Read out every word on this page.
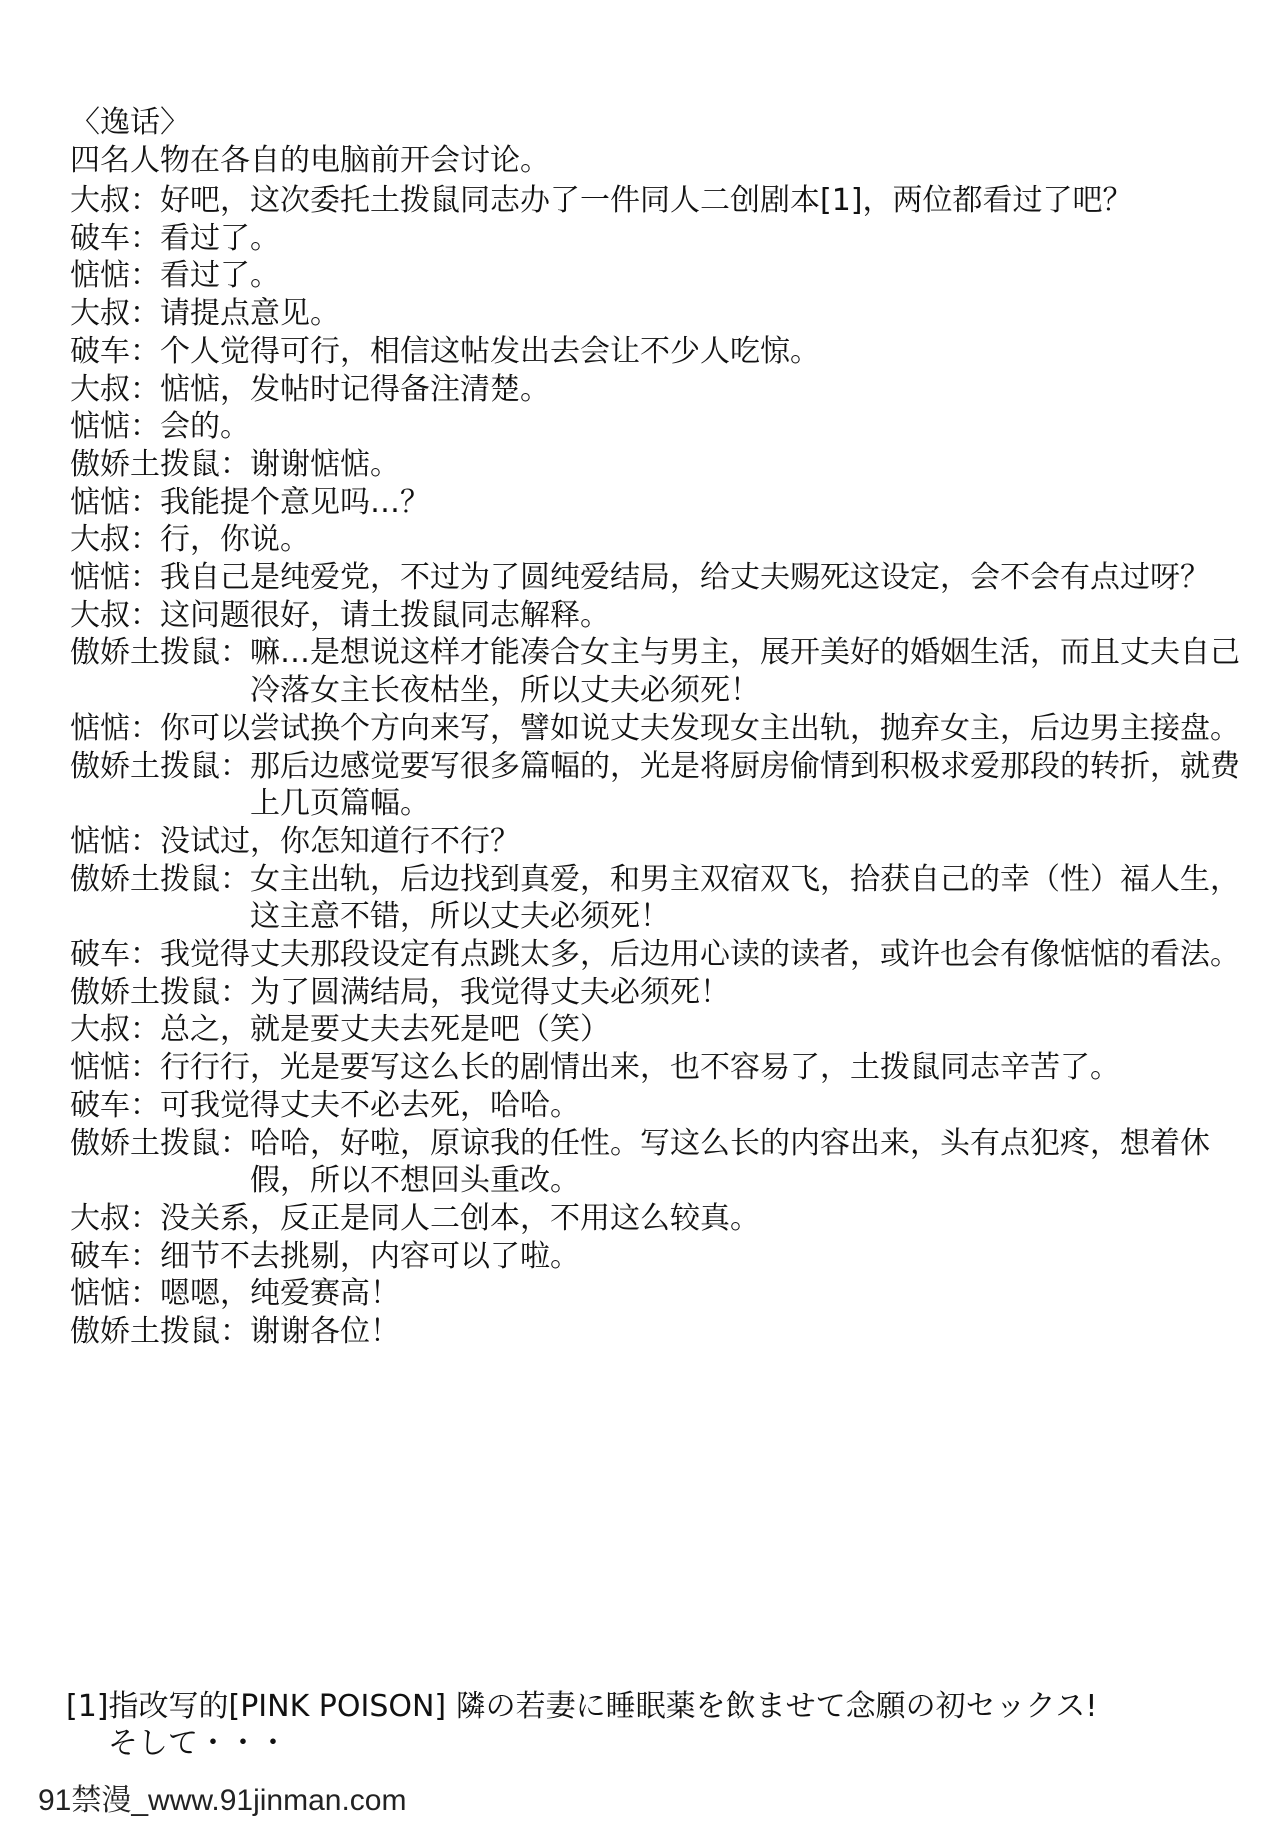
〈逸话〉
四名人物在各自的电脑前开会讨论。
大叔： 好吧，这次委托土拨鼠同志办了一件同人二创剧本[1]，两位都看过了吧？
破车： 看过了。
惦惦： 看过了。
大叔： 请提点意见。
破车： 个人觉得可行，相信这帖发出去会让不少人吃惊。
大叔： 惦惦，发帖时记得备注清楚。
惦惦： 会的。
傲娇土拨鼠： 谢谢惦惦。
惦惦： 我能提个意见吗…？
大叔： 行，你说。
惦惦： 我自己是纯爱党，不过为了圆纯爱结局，给丈夫赐死这设定，会不会有点过呀？
大叔： 这问题很好，请土拨鼠同志解释。
傲娇土拨鼠： 嘛…是想说这样才能凑合女主与男主，展开美好的婚姻生活，而且丈夫自己冷落女主长夜枯坐，所以丈夫必须死！
惦惦： 你可以尝试换个方向来写，譬如说丈夫发现女主出轨，抛弃女主，后边男主接盘。
傲娇土拨鼠： 那后边感觉要写很多篇幅的，光是将厨房偷情到积极求爱那段的转折，就费上几页篇幅。
惦惦： 没试过，你怎知道行不行？
傲娇土拨鼠： 女主出轨，后边找到真爱，和男主双宿双飞，拾获自己的幸（性）福人生，这主意不错，所以丈夫必须死！
破车： 我觉得丈夫那段设定有点跳太多，后边用心读的读者，或许也会有像惦惦的看法。
傲娇土拨鼠： 为了圆满结局，我觉得丈夫必须死！
大叔： 总之，就是要丈夫去死是吧（笑）
惦惦： 行行行，光是要写这么长的剧情出来，也不容易了，土拨鼠同志辛苦了。
破车： 可我觉得丈夫不必去死，哈哈。
傲娇土拨鼠： 哈哈，好啦，原谅我的任性。写这么长的内容出来，头有点犯疼，想着休假，所以不想回头重改。
大叔： 没关系，反正是同人二创本，不用这么较真。
破车： 细节不去挑剔，内容可以了啦。
惦惦： 嗯嗯，纯爱赛高！
傲娇土拨鼠： 谢谢各位！
[1]指改写的[PINK POISON] 隣の若妻に睡眠薬を飲ませて念願の初セックス!
そして・・・
91禁漫_www.91jinman.com
